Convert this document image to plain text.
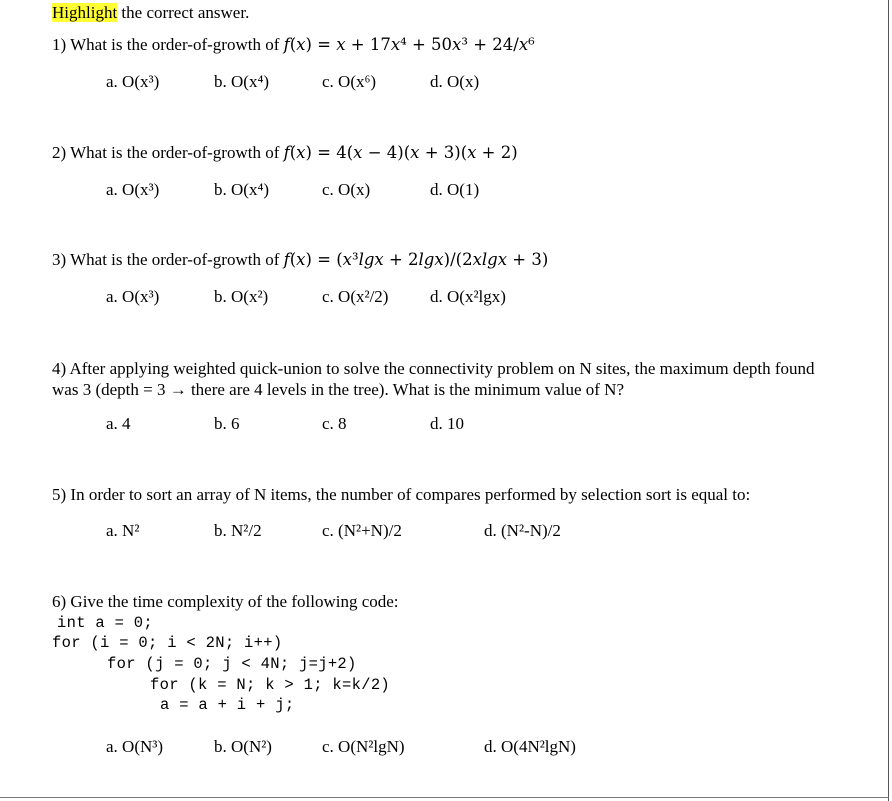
Highlight the correct answer.
1) What is the order-of-growth of 𝑓(𝑥) = 𝑥 + 17𝑥⁴ + 50𝑥³ + 24/𝑥⁶
a. O(x³)	b. O(x⁴)	c. O(x⁶)	d. O(x)
2) What is the order-of-growth of 𝑓(𝑥) = 4(𝑥 − 4)(𝑥 + 3)(𝑥 + 2)
a. O(x³)	b. O(x⁴)	c. O(x)	d. O(1)
3) What is the order-of-growth of 𝑓(𝑥) = (𝑥³𝑙𝑔𝑥 + 2𝑙𝑔𝑥)/(2𝑥𝑙𝑔𝑥 + 3)
a. O(x³)	b. O(x²)	c. O(x²/2) d. O(x²lgx)
4) After applying weighted quick-union to solve the connectivity problem on N sites, the maximum depth found was 3 (depth = 3 → there are 4 levels in the tree). What is the minimum value of N?
a. 4	b. 6	c. 8	d. 10
5) In order to sort an array of N items, the number of compares performed by selection sort is equal to:
a. N²	b. N²/2	c. (N²+N)/2	d. (N²-N)/2
6) Give the time complexity of the following code:
int a = 0;
for (i = 0; i < 2N; i++)
for (j = 0; j < 4N; j=j+2)
for (k = N; k > 1; k=k/2)
a = a + i + j;
a. O(N³)	b. O(N²)	c. O(N²lgN)	d. O(4N²lgN)
